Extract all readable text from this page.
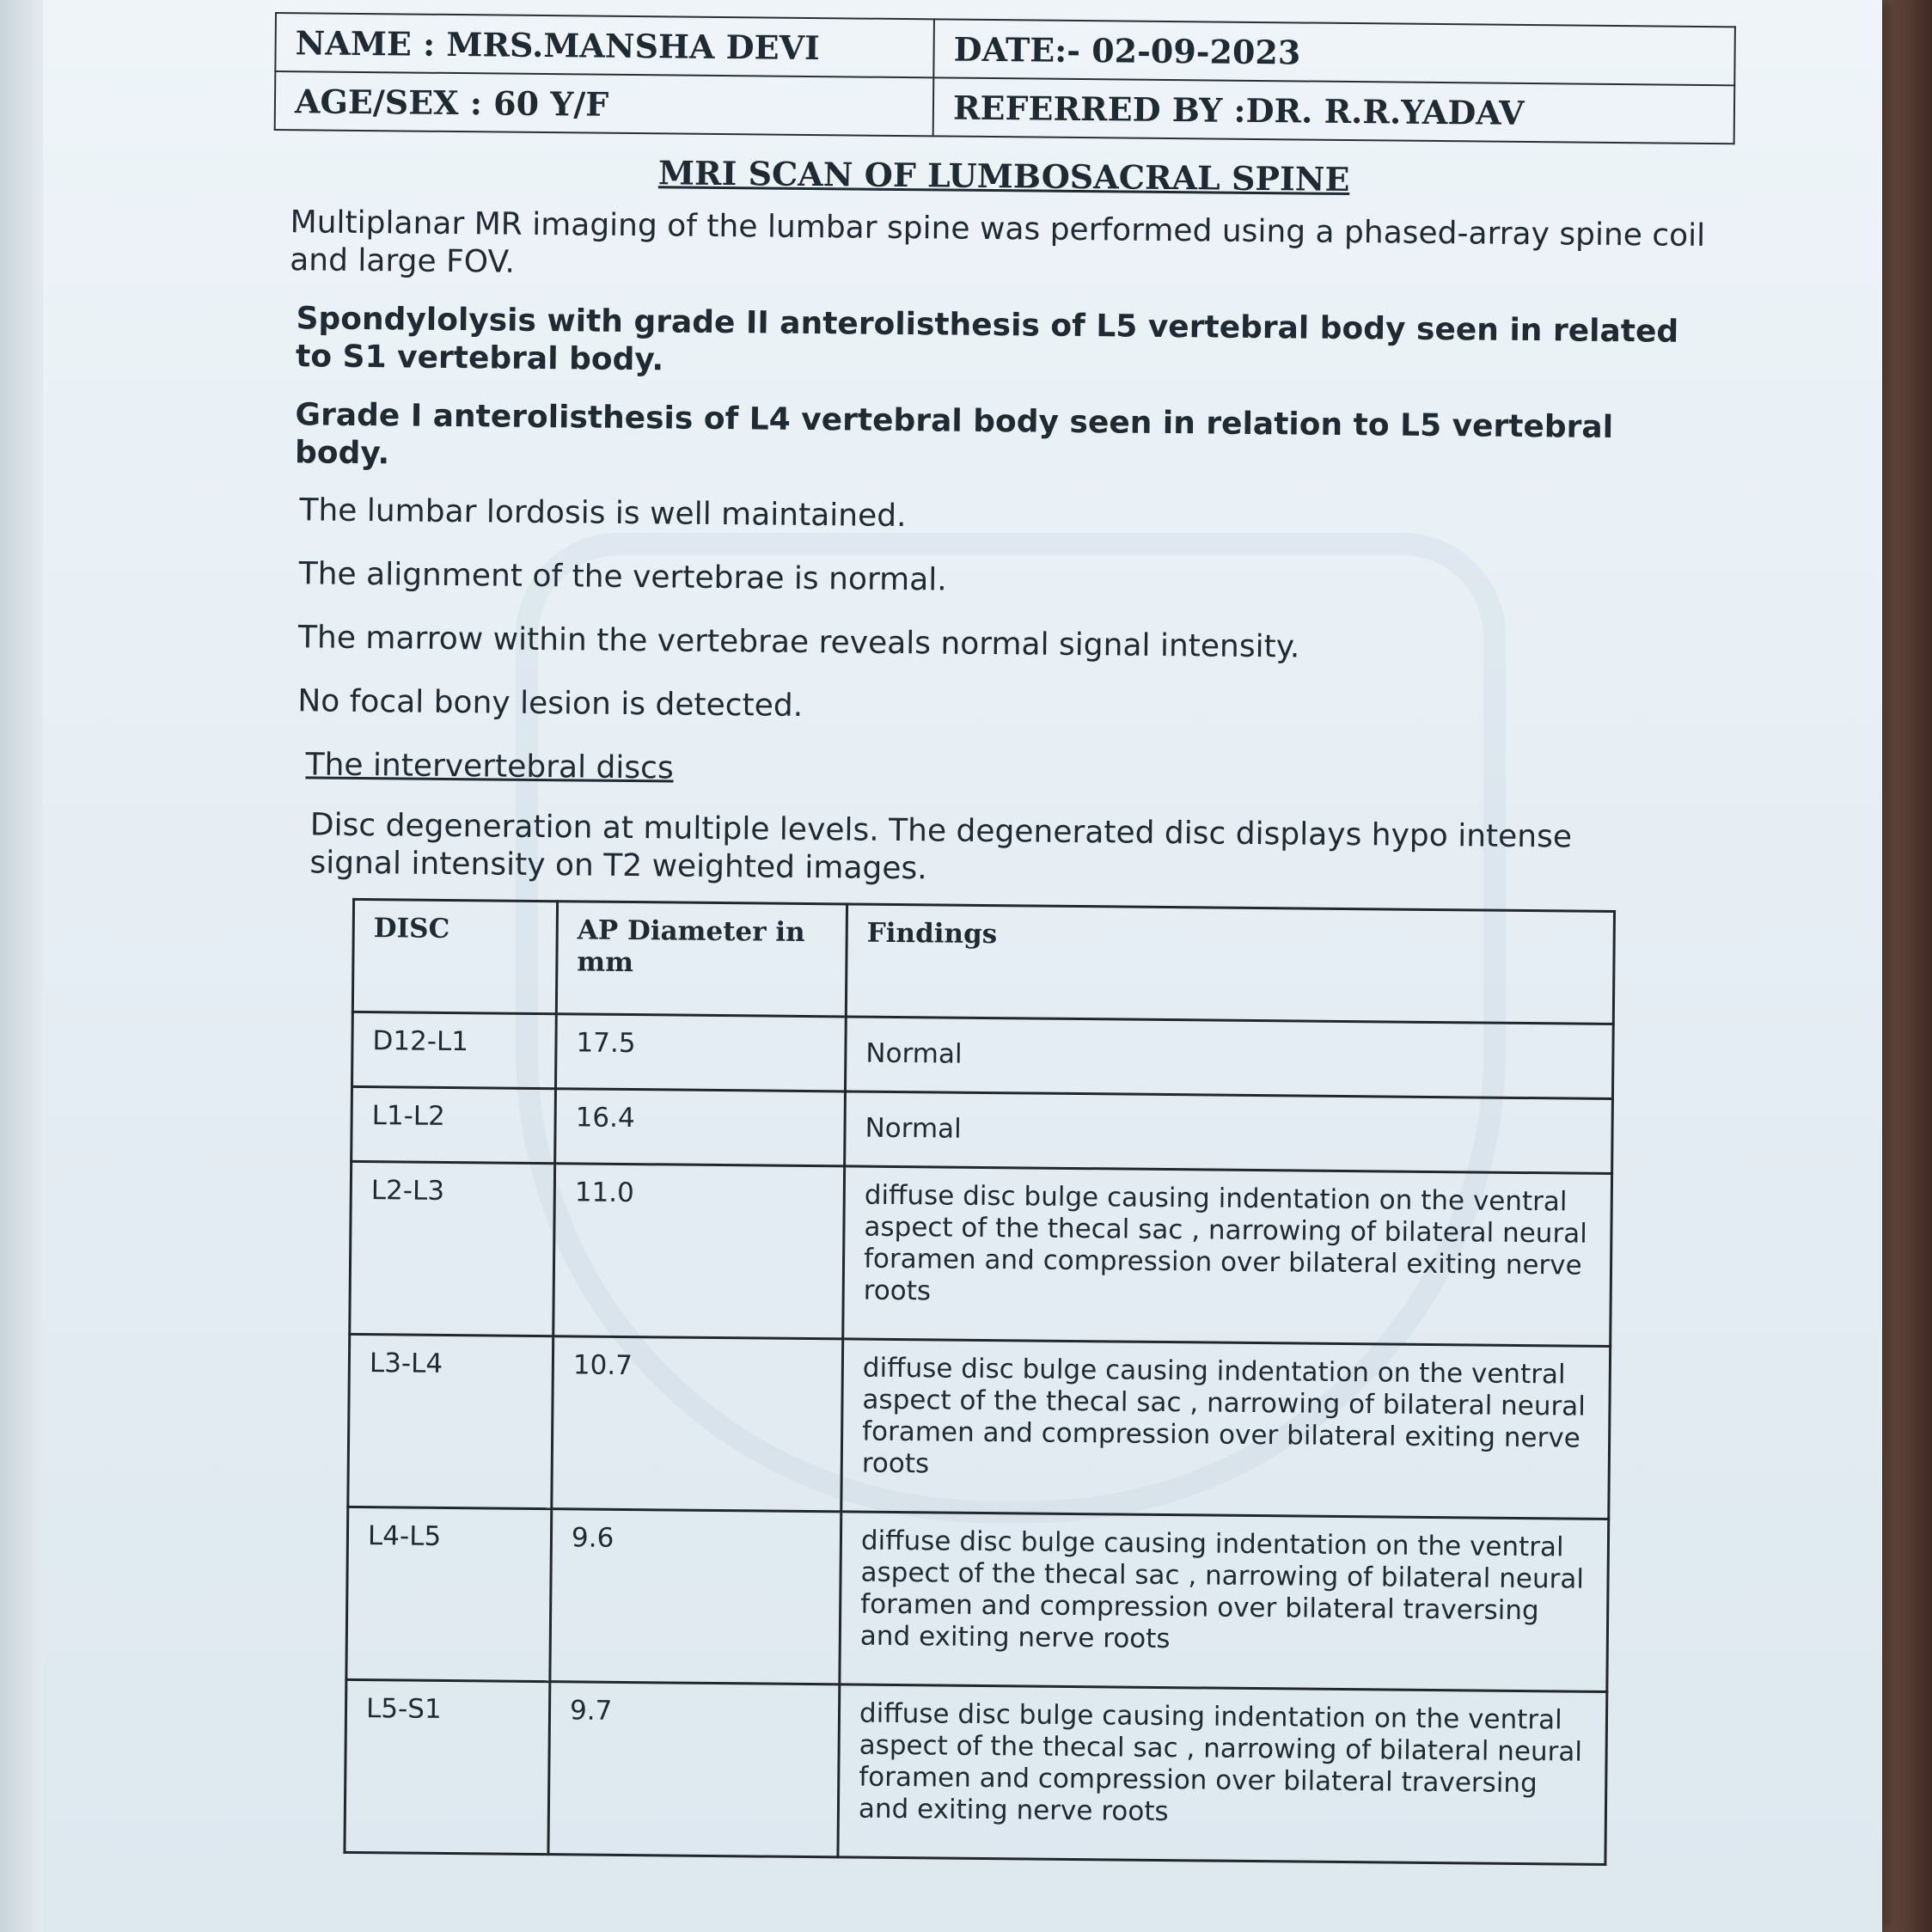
NAME : MRS.MANSHA DEVI	DATE:- 02-09-2023
AGE/SEX : 60 Y/F	REFERRED BY :DR. R.R.YADAV
MRI SCAN OF LUMBOSACRAL SPINE

Multiplanar MR imaging of the lumbar spine was performed using a phased-array spine coil and large FOV.

Spondylolysis with grade II anterolisthesis of L5 vertebral body seen in related to S1 vertebral body.

Grade I anterolisthesis of L4 vertebral body seen in relation to L5 vertebral body.

The lumbar lordosis is well maintained.

The alignment of the vertebrae is normal.

The marrow within the vertebrae reveals normal signal intensity.

No focal bony lesion is detected.

The intervertebral discs

Disc degeneration at multiple levels. The degenerated disc displays hypo intense signal intensity on T2 weighted images.

DISC	AP Diameter in mm	Findings
D12-L1	17.5	Normal
L1-L2	16.4	Normal
L2-L3	11.0	diffuse disc bulge causing indentation on the ventral aspect of the thecal sac , narrowing of bilateral neural foramen and compression over bilateral exiting nerve roots
L3-L4	10.7	diffuse disc bulge causing indentation on the ventral aspect of the thecal sac , narrowing of bilateral neural foramen and compression over bilateral exiting nerve roots
L4-L5	9.6	diffuse disc bulge causing indentation on the ventral aspect of the thecal sac , narrowing of bilateral neural foramen and compression over bilateral traversing and exiting nerve roots
L5-S1	9.7	diffuse disc bulge causing indentation on the ventral aspect of the thecal sac , narrowing of bilateral neural foramen and compression over bilateral traversing and exiting nerve roots
